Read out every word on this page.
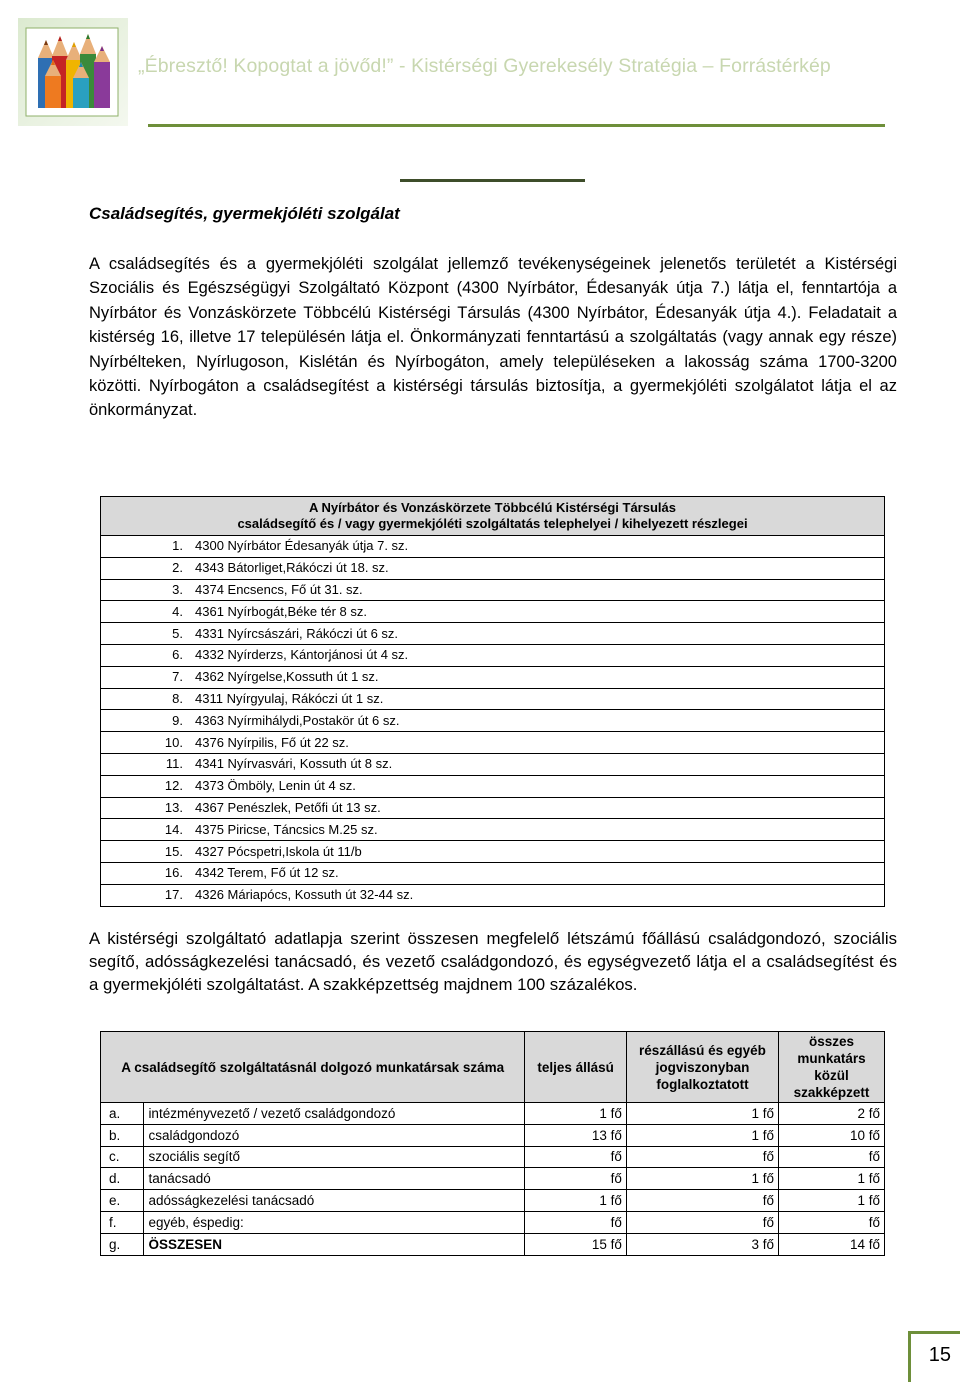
„Ébresztő! Kopogtat a jövőd!” - Kistérségi Gyerekesély Stratégia – Forrástérkép
Családsegítés, gyermekjóléti szolgálat

A családsegítés és a gyermekjóléti szolgálat jellemző tevékenységeinek jelenetős területét a Kistérségi Szociális és Egészségügyi Szolgáltató Központ (4300 Nyírbátor, Édesanyák útja 7.) látja el, fenntartója a Nyírbátor és Vonzáskörzete Többcélú Kistérségi Társulás (4300 Nyírbátor, Édesanyák útja 4.). Feladatait a kistérség 16, illetve 17 településén látja el. Önkormányzati fenntartású a szolgáltatás (vagy annak egy része) Nyírbélteken, Nyírlugoson, Kislétán és Nyírbogáton, amely településeken a lakosság száma 1700-3200 közötti. Nyírbogáton a családsegítést a kistérségi társulás biztosítja, a gyermekjóléti szolgálatot látja el az önkormányzat.

A Nyírbátor és Vonzáskörzete Többcélú Kistérségi Társulás
családsegítő és / vagy gyermekjóléti szolgáltatás telephelyei / kihelyezett részlegei	

1.	4300 Nyírbátor Édesanyák útja 7. sz.
2.	4343 Bátorliget,Rákóczi út 18. sz.
3.	4374 Encsencs, Fő út 31. sz.
4.	4361 Nyírbogát,Béke tér 8 sz.
5.	4331 Nyírcsászári, Rákóczi út 6 sz.
6.	4332 Nyírderzs, Kántorjánosi út 4 sz.
7.	4362 Nyírgelse,Kossuth út 1 sz.
8.	4311 Nyírgyulaj, Rákóczi út 1 sz.
9.	4363 Nyírmihálydi,Postakör út 6 sz.
10.	4376 Nyírpilis, Fő út 22 sz.
11.	4341 Nyírvasvári, Kossuth út 8 sz.
12.	4373 Ömböly, Lenin út 4 sz.
13.	4367 Penészlek, Petőfi út 13 sz.
14.	4375 Piricse, Táncsics M.25 sz.
15.	4327 Pócspetri,Iskola út 11/b
16.	4342 Terem, Fő út 12 sz.
17.	4326 Máriapócs, Kossuth út 32-44 sz.

A kistérségi szolgáltató adatlapja szerint összesen megfelelő létszámú főállású családgondozó, szociális segítő, adósságkezelési tanácsadó, és vezető családgondozó, és egységvezető látja el a családsegítést és a gyermekjóléti szolgáltatást. A szakképzettség majdnem 100 százalékos.

A családsegítő szolgáltatásnál dolgozó munkatársak száma		teljes állású	részállású és egyéb jogviszonyban foglalkoztatott	összes munkatárs közül szakképzett
a.	intézményvezető / vezető családgondozó	1 fő	1 fő	2 fő
b.	családgondozó	13 fő	1 fő	10 fő
c.	szociális segítő	fő	fő	fő
d.	tanácsadó	fő	1 fő	1 fő
e.	adósságkezelési tanácsadó	1 fő	fő	1 fő
f.	egyéb, éspedig:	fő	fő	fő
g.	ÖSSZESEN	15 fő	3 fő	14 fő
15
